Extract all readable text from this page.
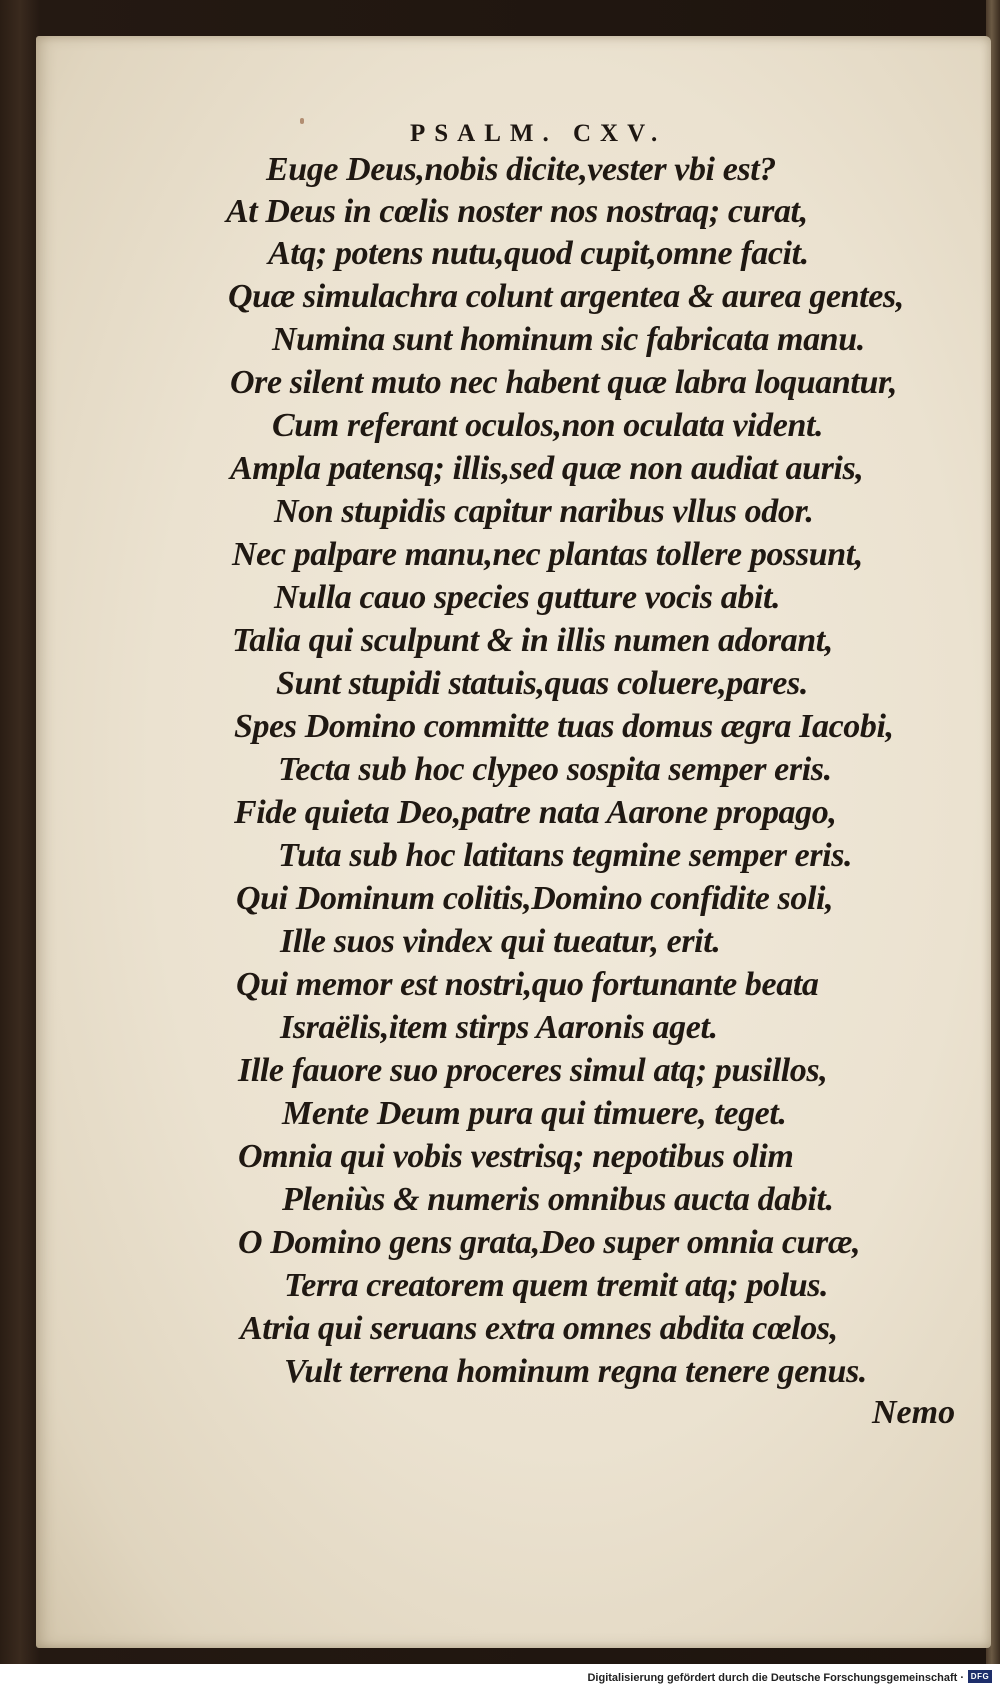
PSALM. CXV.
Euge Deus,nobis dicite,vester vbi est?
At Deus in cœlis noster nos nostraq; curat,
Atq; potens nutu,quod cupit,omne facit.
Quæ simulachra colunt argentea & aurea gentes,
Numina sunt hominum sic fabricata manu.
Ore silent muto nec habent quæ labra loquantur,
Cum referant oculos,non oculata vident.
Ampla patensq; illis,sed quæ non audiat auris,
Non stupidis capitur naribus vllus odor.
Nec palpare manu,nec plantas tollere possunt,
Nulla cauo species gutture vocis abit.
Talia qui sculpunt & in illis numen adorant,
Sunt stupidi statuis,quas coluere,pares.
Spes Domino committe tuas domus ægra Iacobi,
Tecta sub hoc clypeo sospita semper eris.
Fide quieta Deo,patre nata Aarone propago,
Tuta sub hoc latitans tegmine semper eris.
Qui Dominum colitis,Domino confidite soli,
Ille suos vindex qui tueatur, erit.
Qui memor est nostri,quo fortunante beata
Israëlis,item stirps Aaronis aget.
Ille fauore suo proceres simul atq; pusillos,
Mente Deum pura qui timuere, teget.
Omnia qui vobis vestrisq; nepotibus olim
Pleniùs & numeris omnibus aucta dabit.
O Domino gens grata,Deo super omnia curæ,
Terra creatorem quem tremit atq; polus.
Atria qui seruans extra omnes abdita cœlos,
Vult terrena hominum regna tenere genus.
Nemo
Digitalisierung gefördert durch die Deutsche Forschungsgemeinschaft · DFG
